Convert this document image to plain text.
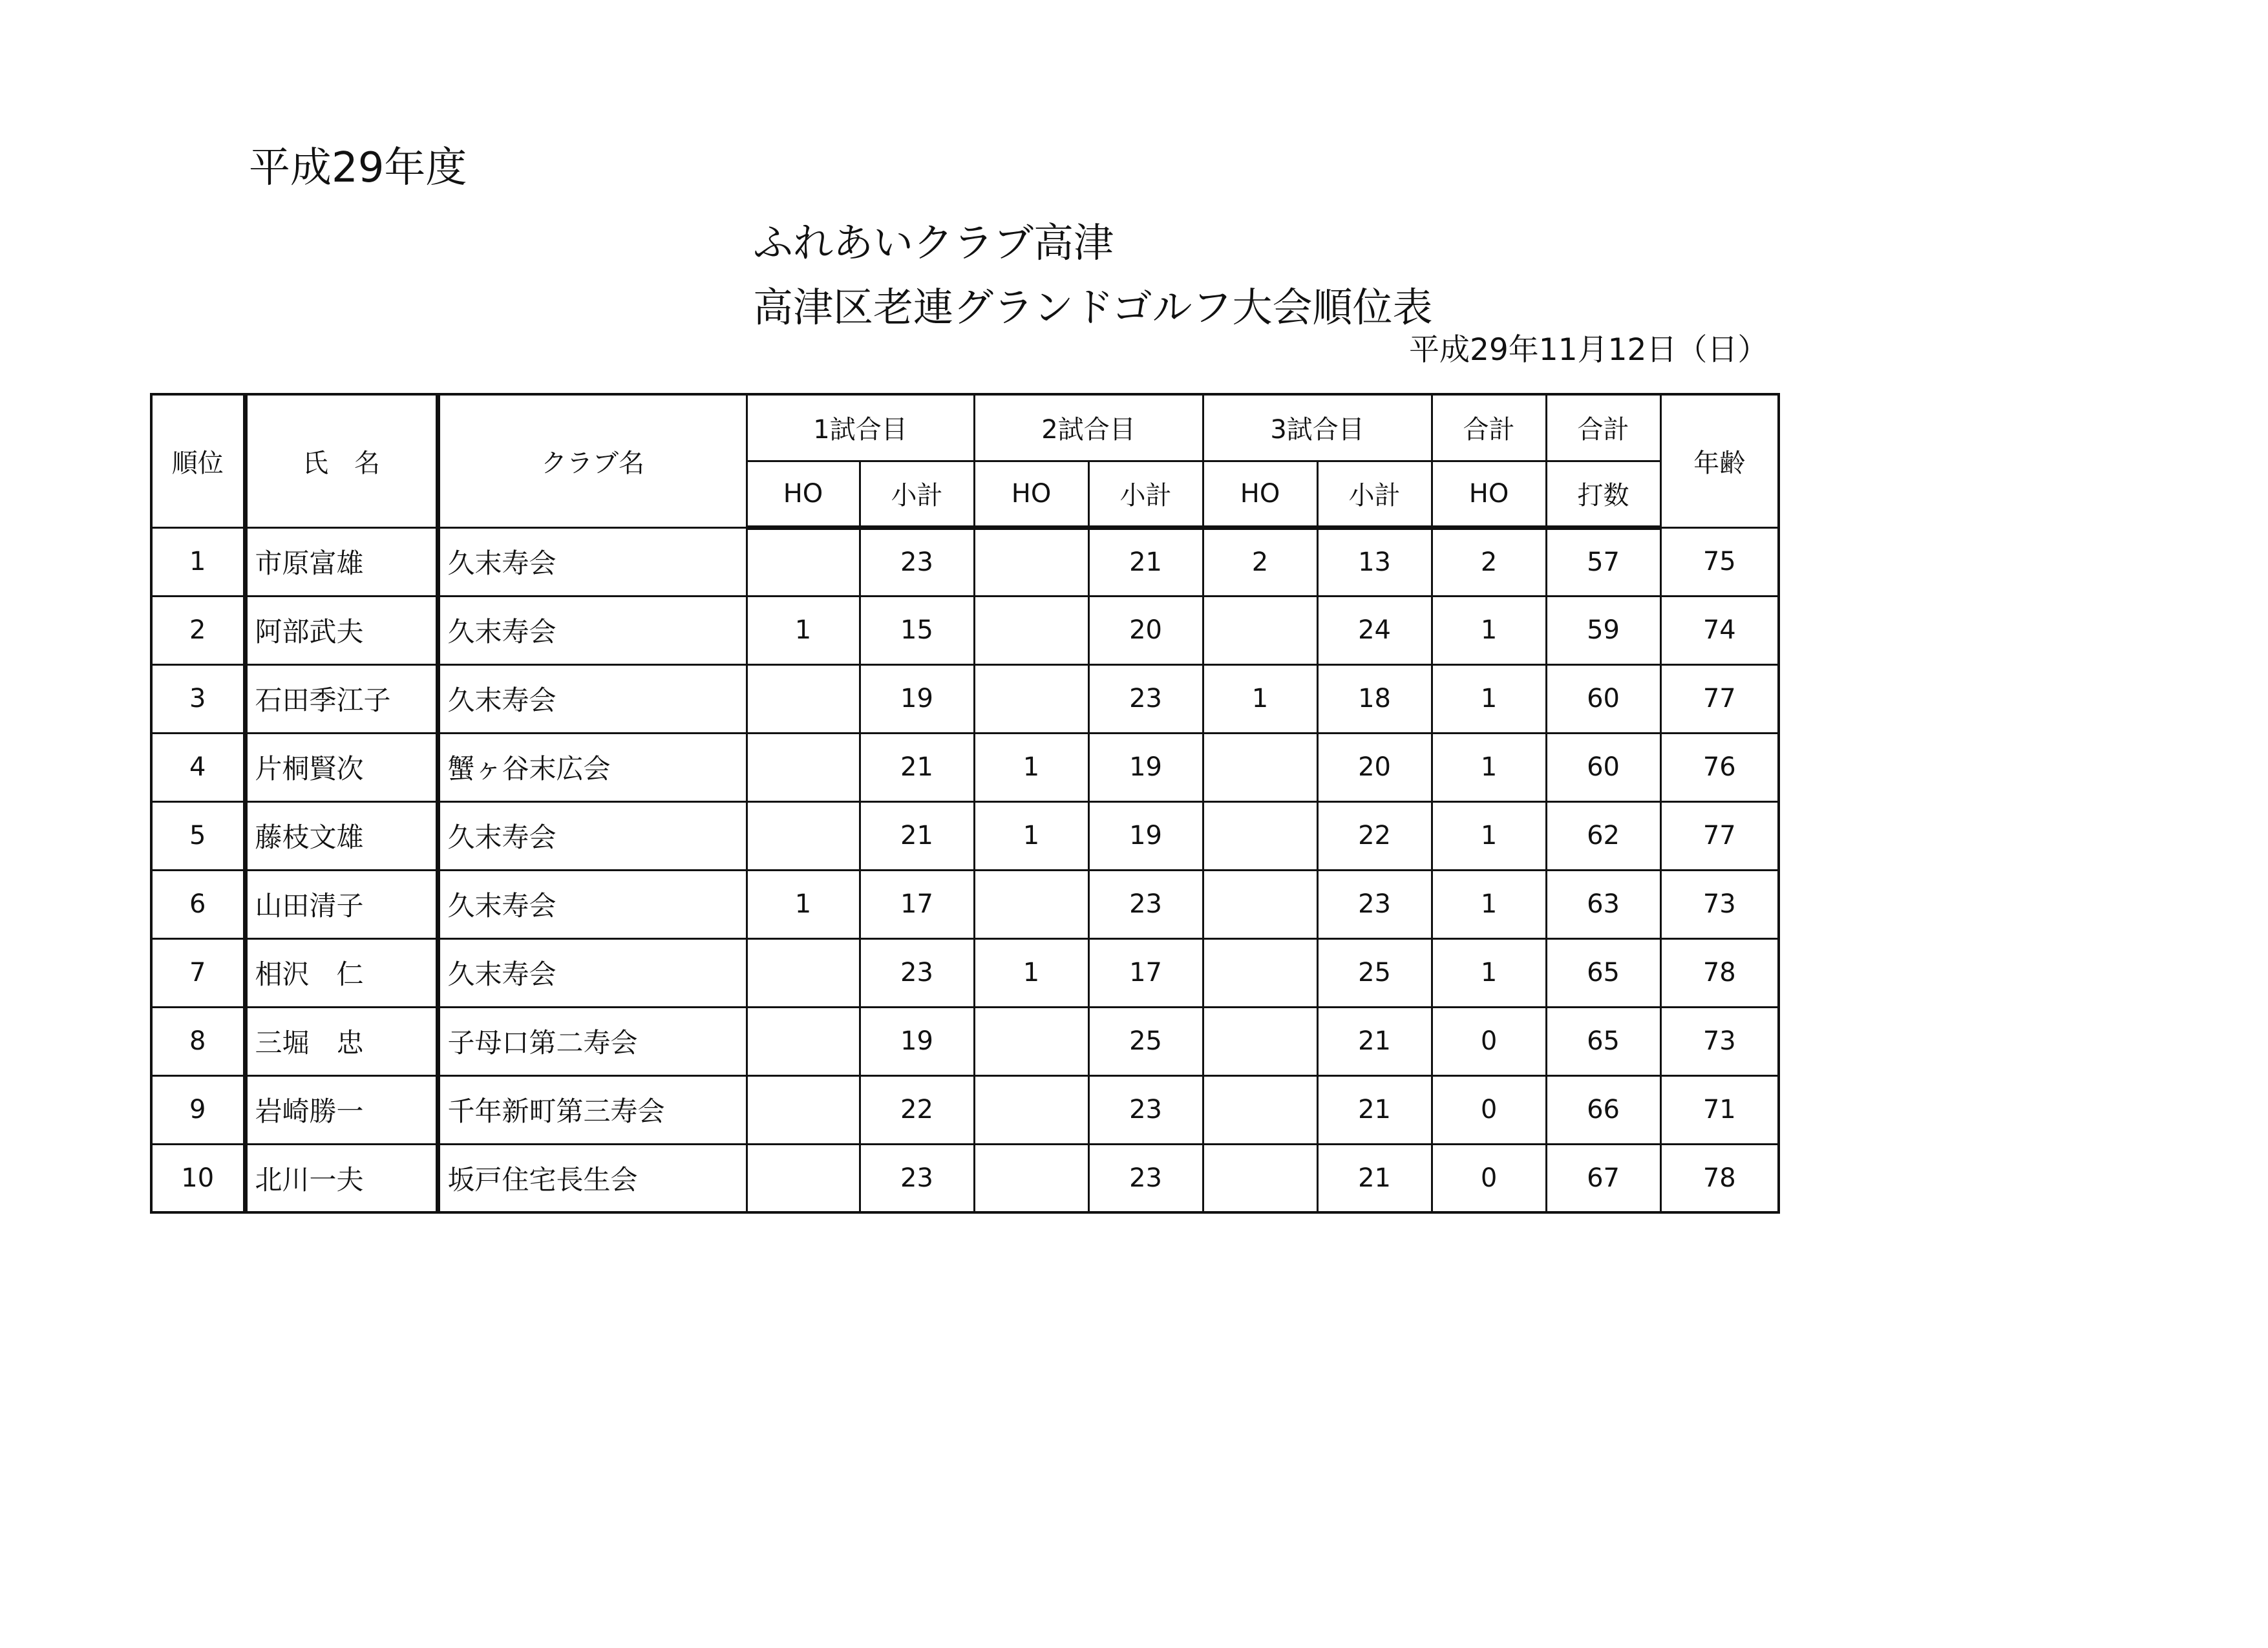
平成29年度
ふれあいクラブ高津
高津区老連グランドゴルフ大会順位表
平成29年11月12日（日）
順位	氏　名	クラブ名	1試合目		2試合目		3試合目		合計	合計	年齢
			HO	小計	HO	小計	HO	小計	HO	打数	
1	市原富雄	久末寿会		23		21	2	13	2	57	75
2	阿部武夫	久末寿会	1	15		20		24	1	59	74
3	石田季江子	久末寿会		19		23	1	18	1	60	77
4	片桐賢次	蟹ヶ谷末広会		21	1	19		20	1	60	76
5	藤枝文雄	久末寿会		21	1	19		22	1	62	77
6	山田清子	久末寿会	1	17		23		23	1	63	73
7	相沢　仁	久末寿会		23	1	17		25	1	65	78
8	三堀　忠	子母口第二寿会		19		25		21	0	65	73
9	岩崎勝一	千年新町第三寿会		22		23		21	0	66	71
10	北川一夫	坂戸住宅長生会		23		23		21	0	67	78
